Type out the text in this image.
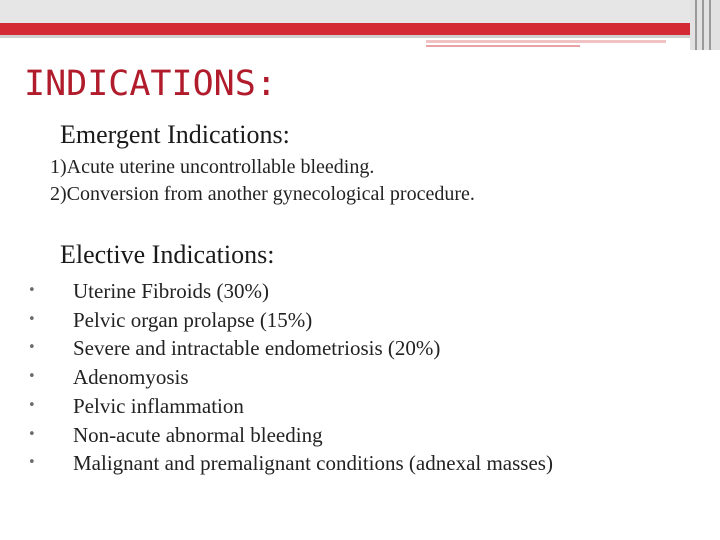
INDICATIONS:
Emergent Indications:
1)Acute uterine uncontrollable bleeding.
2)Conversion from another gynecological procedure.
Elective Indications:
• Uterine Fibroids (30%)
• Pelvic organ prolapse (15%)
• Severe and intractable endometriosis (20%)
• Adenomyosis
• Pelvic inflammation
• Non-acute abnormal bleeding
• Malignant and premalignant conditions (adnexal masses)
